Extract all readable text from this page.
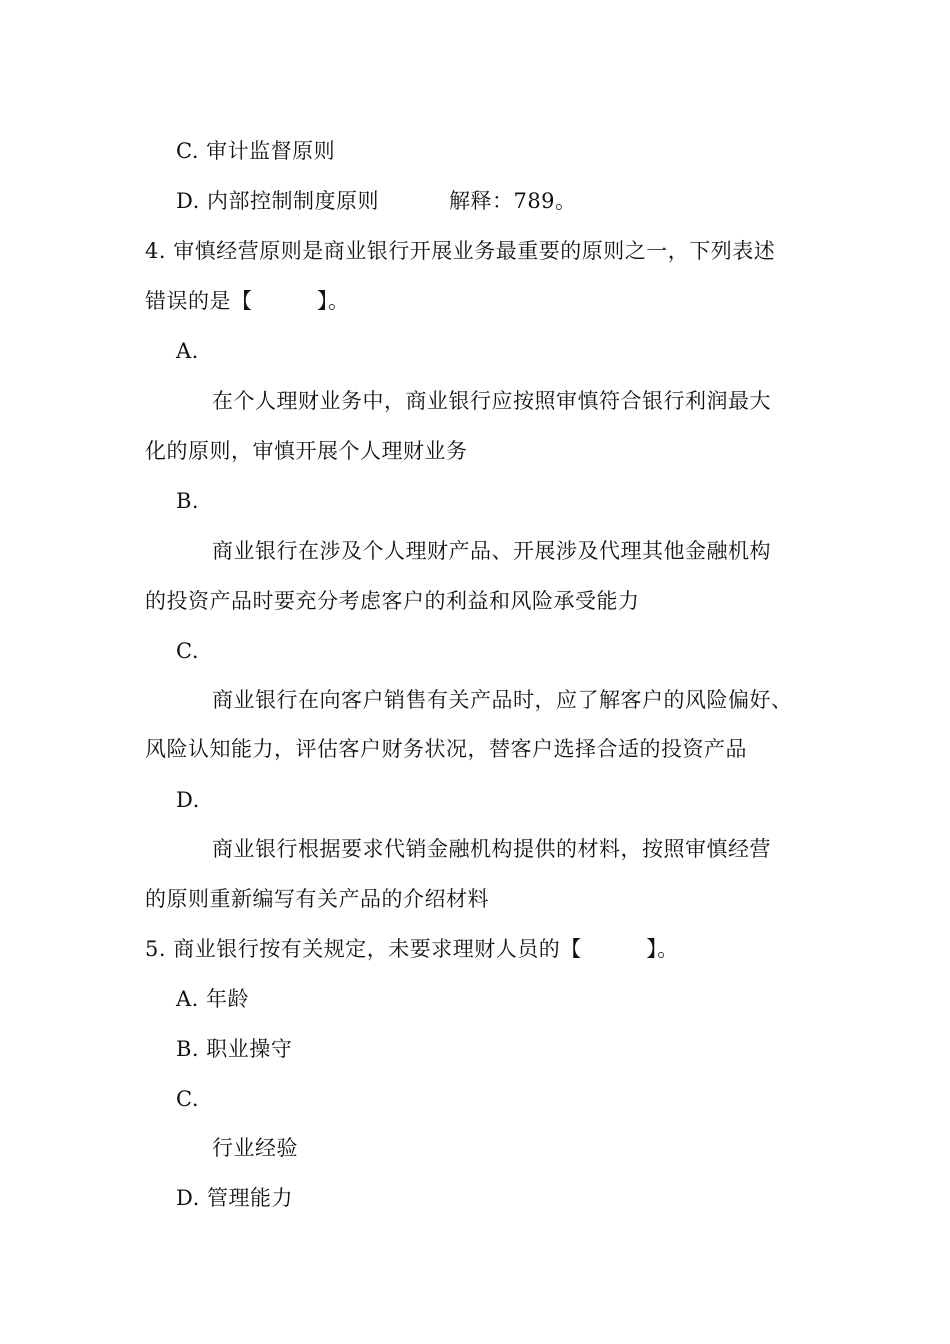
C. 审计监督原则
D. 内部控制制度原则	解释：789。
4. 审慎经营原则是商业银行开展业务最重要的原则之一，下列表述
错误的是【　　　】。
A.
在个人理财业务中，商业银行应按照审慎符合银行利润最大
化的原则，审慎开展个人理财业务
B.
商业银行在涉及个人理财产品、开展涉及代理其他金融机构
的投资产品时要充分考虑客户的利益和风险承受能力
C.
商业银行在向客户销售有关产品时，应了解客户的风险偏好、
风险认知能力，评估客户财务状况，替客户选择合适的投资产品
D.
商业银行根据要求代销金融机构提供的材料，按照审慎经营
的原则重新编写有关产品的介绍材料
5. 商业银行按有关规定，未要求理财人员的【　　　】。
A. 年龄
B. 职业操守
C.
行业经验
D. 管理能力
